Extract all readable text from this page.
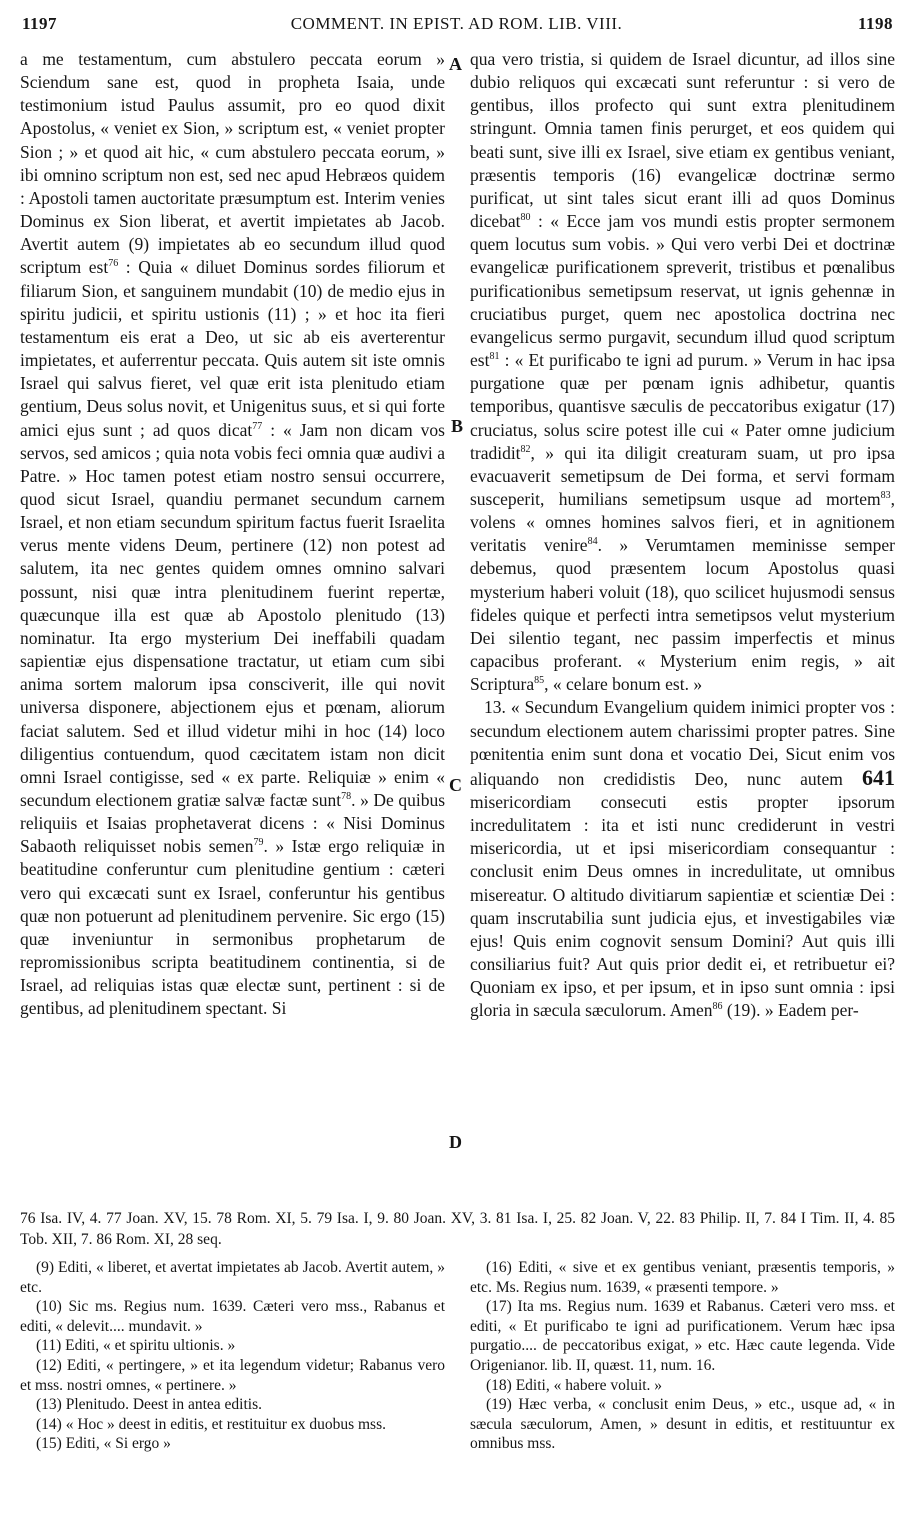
1197	COMMENT. IN EPIST. AD ROM. LIB. VIII.	1198
A
B
C
D

a me testamentum, cum abstulero peccata eorum » Sciendum sane est, quod in propheta Isaia, unde testimonium istud Paulus assumit, pro eo quod dixit Apostolus, « veniet ex Sion, » scriptum est, « veniet propter Sion ; » et quod ait hic, « cum abstulero peccata eorum, » ibi omnino scriptum non est, sed nec apud Hebræos quidem : Apostoli tamen auctoritate præsumptum est. Interim venies Dominus ex Sion liberat, et avertit impietates ab Jacob. Avertit autem (9) impietates ab eo secundum illud quod scriptum est$^{76}$ : Quia « diluet Dominus sordes filiorum et filiarum Sion, et sanguinem mundabit (10) de medio ejus in spiritu judicii, et spiritu ustionis (11) ; » et hoc ita fieri testamentum eis erat a Deo, ut sic ab eis averterentur impietates, et auferrentur peccata. Quis autem sit iste omnis Israel qui salvus fieret, vel quæ erit ista plenitudo etiam gentium, Deus solus novit, et Unigenitus suus, et si qui forte amici ejus sunt ; ad quos dicat$^{77}$ : « Jam non dicam vos servos, sed amicos ; quia nota vobis feci omnia quæ audivi a Patre. » Hoc tamen potest etiam nostro sensui occurrere, quod sicut Israel, quandiu permanet secundum carnem Israel, et non etiam secundum spiritum factus fuerit Israelita verus mente videns Deum, pertinere (12) non potest ad salutem, ita nec gentes quidem omnes omnino salvari possunt, nisi quæ intra plenitudinem fuerint repertæ, quæcunque illa est quæ ab Apostolo plenitudo (13) nominatur. Ita ergo mysterium Dei ineffabili quadam sapientiæ ejus dispensatione tractatur, ut etiam cum sibi anima sortem malorum ipsa consciverit, ille qui novit universa disponere, abjectionem ejus et pœnam, aliorum faciat salutem. Sed et illud videtur mihi in hoc (14) loco diligentius contuendum, quod cæcitatem istam non dicit omni Israel contigisse, sed « ex parte. Reliquiæ » enim « secundum electionem gratiæ salvæ factæ sunt$^{78}$. » De quibus reliquiis et Isaias prophetaverat dicens : « Nisi Dominus Sabaoth reliquisset nobis semen$^{79}$. » Istæ ergo reliquiæ in beatitudine conferuntur cum plenitudine gentium : cæteri vero qui excæcati sunt ex Israel, conferuntur his gentibus quæ non potuerunt ad plenitudinem pervenire. Sic ergo (15) quæ inveniuntur in sermonibus prophetarum de repromissionibus scripta beatitudinem continentia, si de Israel, ad reliquias istas quæ electæ sunt, pertinent : si de gentibus, ad plenitudinem spectant. Si

qua vero tristia, si quidem de Israel dicuntur, ad illos sine dubio reliquos qui excæcati sunt referuntur : si vero de gentibus, illos profecto qui sunt extra plenitudinem stringunt. Omnia tamen finis perurget, et eos quidem qui beati sunt, sive illi ex Israel, sive etiam ex gentibus veniant, præsentis temporis (16) evangelicæ doctrinæ sermo purificat, ut sint tales sicut erant illi ad quos Dominus dicebat$^{80}$ : « Ecce jam vos mundi estis propter sermonem quem locutus sum vobis. » Qui vero verbi Dei et doctrinæ evangelicæ purificationem spreverit, tristibus et pœnalibus purificationibus semetipsum reservat, ut ignis gehennæ in cruciatibus purget, quem nec apostolica doctrina nec evangelicus sermo purgavit, secundum illud quod scriptum est$^{81}$ : « Et purificabo te igni ad purum. » Verum in hac ipsa purgatione quæ per pœnam ignis adhibetur, quantis temporibus, quantisve sæculis de peccatoribus exigatur (17) cruciatus, solus scire potest ille cui « Pater omne judicium tradidit$^{82}$, » qui ita diligit creaturam suam, ut pro ipsa evacuaverit semetipsum de Dei forma, et servi formam susceperit, humilians semetipsum usque ad mortem$^{83}$, volens « omnes homines salvos fieri, et in agnitionem veritatis venire$^{84}$. » Verumtamen meminisse semper debemus, quod præsentem locum Apostolus quasi mysterium haberi voluit (18), quo scilicet hujusmodi sensus fideles quique et perfecti intra semetipsos velut mysterium Dei silentio tegant, nec passim imperfectis et minus capacibus proferant. « Mysterium enim regis, » ait Scriptura$^{85}$, « celare bonum est. »

13. « Secundum Evangelium quidem inimici propter vos : secundum electionem autem charissimi propter patres. Sine pœnitentia enim sunt dona et vocatio Dei, Sicut enim vos aliquando non credidistis Deo, nunc autem 641 misericordiam consecuti estis propter ipsorum incredulitatem : ita et isti nunc crediderunt in vestri misericordia, ut et ipsi misericordiam consequantur : conclusit enim Deus omnes in incredulitate, ut omnibus misereatur. O altitudo divitiarum sapientiæ et scientiæ Dei : quam inscrutabilia sunt judicia ejus, et investigabiles viæ ejus! Quis enim cognovit sensum Domini? Aut quis illi consiliarius fuit? Aut quis prior dedit ei, et retribuetur ei? Quoniam ex ipso, et per ipsum, et in ipso sunt omnia : ipsi gloria in sæcula sæculorum. Amen$^{86}$ (19). » Eadem per-

76 Isa. IV, 4. 77 Joan. XV, 15. 78 Rom. XI, 5. 79 Isa. I, 9. 80 Joan. XV, 3. 81 Isa. I, 25. 82 Joan. V, 22. 83 Philip. II, 7. 84 I Tim. II, 4. 85 Tob. XII, 7. 86 Rom. XI, 28 seq.

(9) Editi, « liberet, et avertat impietates ab Jacob. Avertit autem, » etc.

(10) Sic ms. Regius num. 1639. Cæteri vero mss., Rabanus et editi, « delevit.... mundavit. »

(11) Editi, « et spiritu ultionis. »

(12) Editi, « pertingere, » et ita legendum videtur; Rabanus vero et mss. nostri omnes, « pertinere. »

(13) Plenitudo. Deest in antea editis.

(14) « Hoc » deest in editis, et restituitur ex duobus mss.

(15) Editi, « Si ergo »

(16) Editi, « sive et ex gentibus veniant, præsentis temporis, » etc. Ms. Regius num. 1639, « præsenti tempore. »

(17) Ita ms. Regius num. 1639 et Rabanus. Cæteri vero mss. et editi, « Et purificabo te igni ad purificationem. Verum hæc ipsa purgatio.... de peccatoribus exigat, » etc. Hæc caute legenda. Vide Origenianor. lib. II, quæst. 11, num. 16.

(18) Editi, « habere voluit. »

(19) Hæc verba, « conclusit enim Deus, » etc., usque ad, « in sæcula sæculorum, Amen, » desunt in editis, et restituuntur ex omnibus mss.
